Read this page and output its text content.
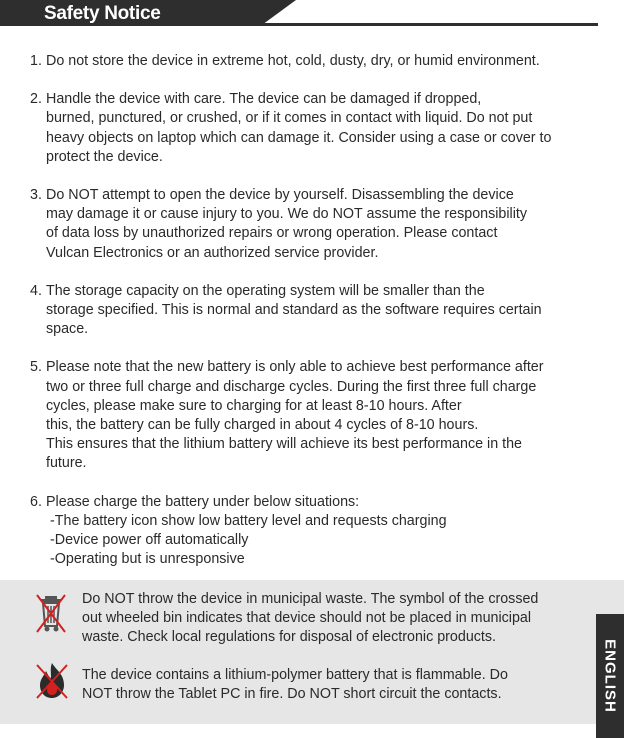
Safety Notice
1. Do not store the device in extreme hot, cold, dusty, dry, or humid environment.
2. Handle the device with care. The device can be damaged if dropped,
burned, punctured, or crushed, or if it comes in contact with liquid. Do not put
heavy objects on laptop which can damage it. Consider using a case or cover to
protect the device.
3. Do NOT attempt to open the device by yourself. Disassembling the device
may damage it or cause injury to you. We do NOT assume the responsibility
of data loss by unauthorized repairs or wrong operation. Please contact
Vulcan Electronics or an authorized service provider.
4. The storage capacity on the operating system will be smaller than the
storage specified. This is normal and standard as the software requires certain
space.
5. Please note that the new battery is only able to achieve best performance after
two or three full charge and discharge cycles. During the first three full charge
cycles, please make sure to charging for at least 8-10 hours. After
this, the battery can be fully charged in about 4 cycles of 8-10 hours.
This ensures that the lithium battery will achieve its best performance in the
future.
6. Please charge the battery under below situations:
-The battery icon show low battery level and requests charging
-Device power off automatically
-Operating but is unresponsive
Do NOT throw the device in municipal waste. The symbol of the crossed
out wheeled bin indicates that device should not be placed in municipal
waste. Check local regulations for disposal of electronic products.
The device contains a lithium-polymer battery that is flammable. Do
NOT throw the Tablet PC in fire. Do NOT short circuit the contacts.	ENGLISH
